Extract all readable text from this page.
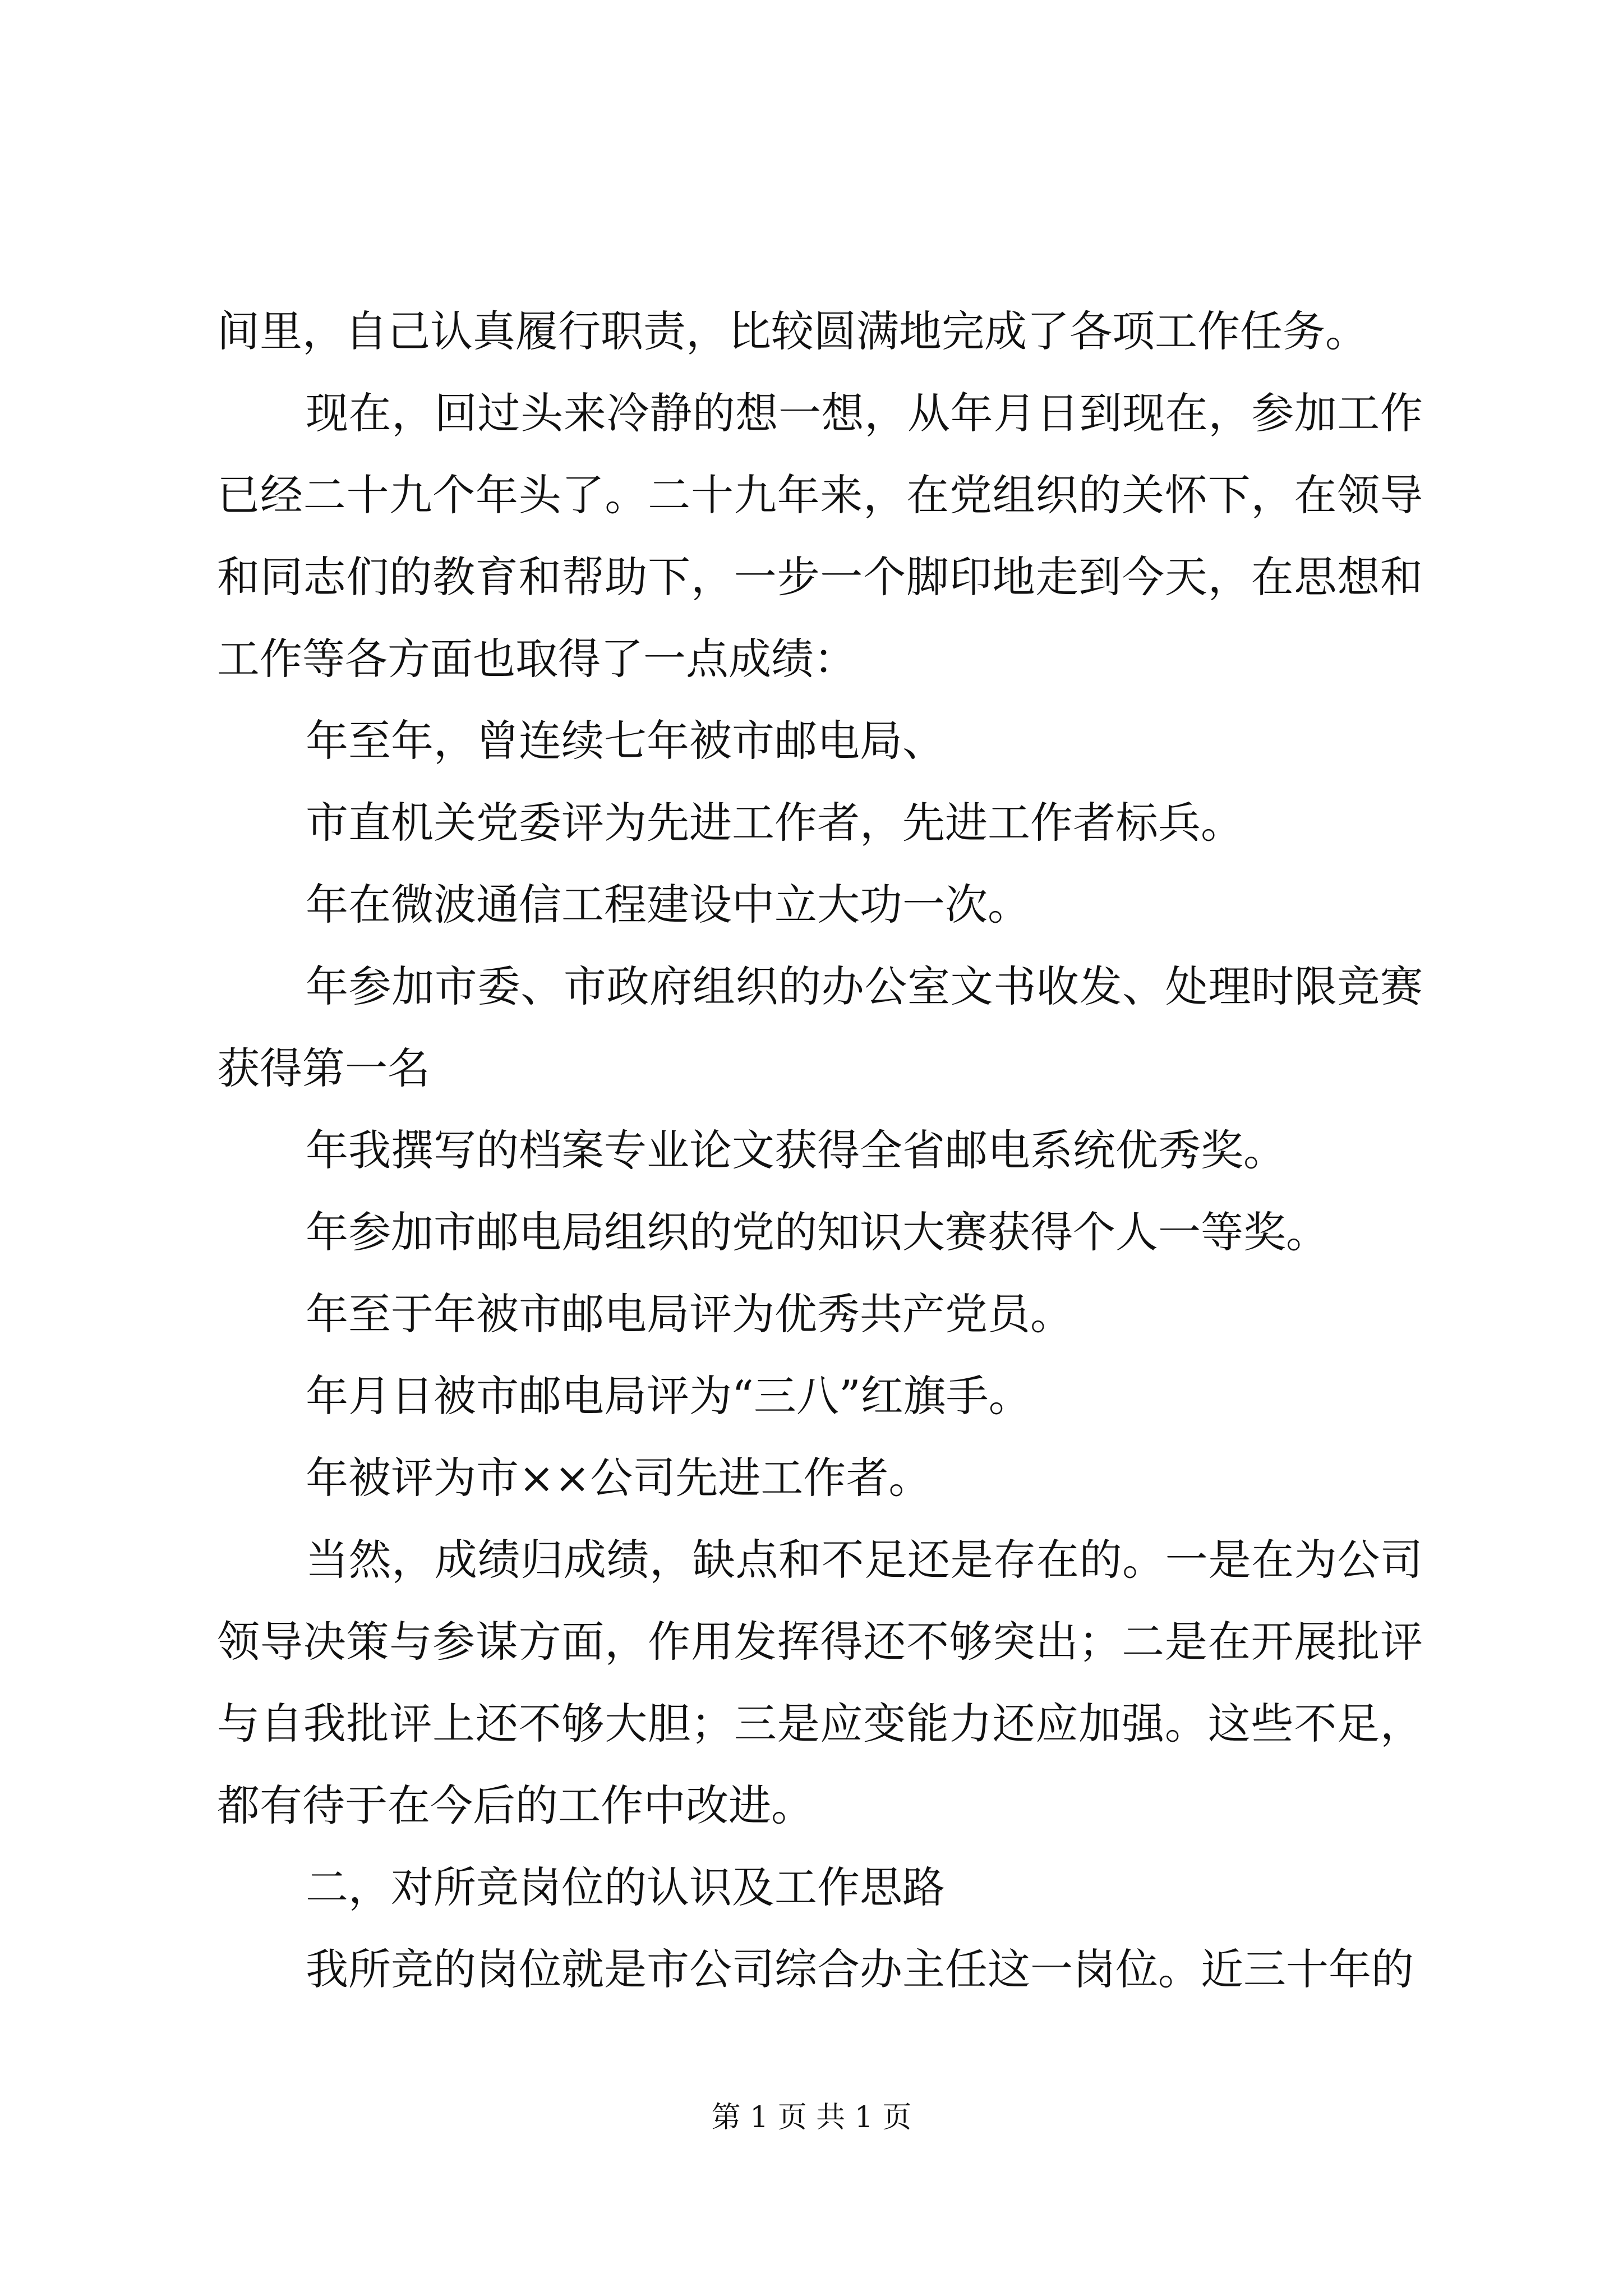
间里，自己认真履行职责，比较圆满地完成了各项工作任务。

现在，回过头来冷静的想一想，从年月日到现在，参加工作已经二十九个年头了。二十九年来，在党组织的关怀下，在领导和同志们的教育和帮助下，一步一个脚印地走到今天，在思想和工作等各方面也取得了一点成绩：

年至年，曾连续七年被市邮电局、

市直机关党委评为先进工作者，先进工作者标兵。

年在微波通信工程建设中立大功一次。

年参加市委、市政府组织的办公室文书收发、处理时限竞赛获得第一名

年我撰写的档案专业论文获得全省邮电系统优秀奖。

年参加市邮电局组织的党的知识大赛获得个人一等奖。

年至于年被市邮电局评为优秀共产党员。

年月日被市邮电局评为“三八”红旗手。

年被评为市××公司先进工作者。

当然，成绩归成绩，缺点和不足还是存在的。一是在为公司领导决策与参谋方面，作用发挥得还不够突出；二是在开展批评与自我批评上还不够大胆；三是应变能力还应加强。这些不足，都有待于在今后的工作中改进。

二，对所竞岗位的认识及工作思路

我所竞的岗位就是市公司综合办主任这一岗位。近三十年的

第 1 页 共 1 页
